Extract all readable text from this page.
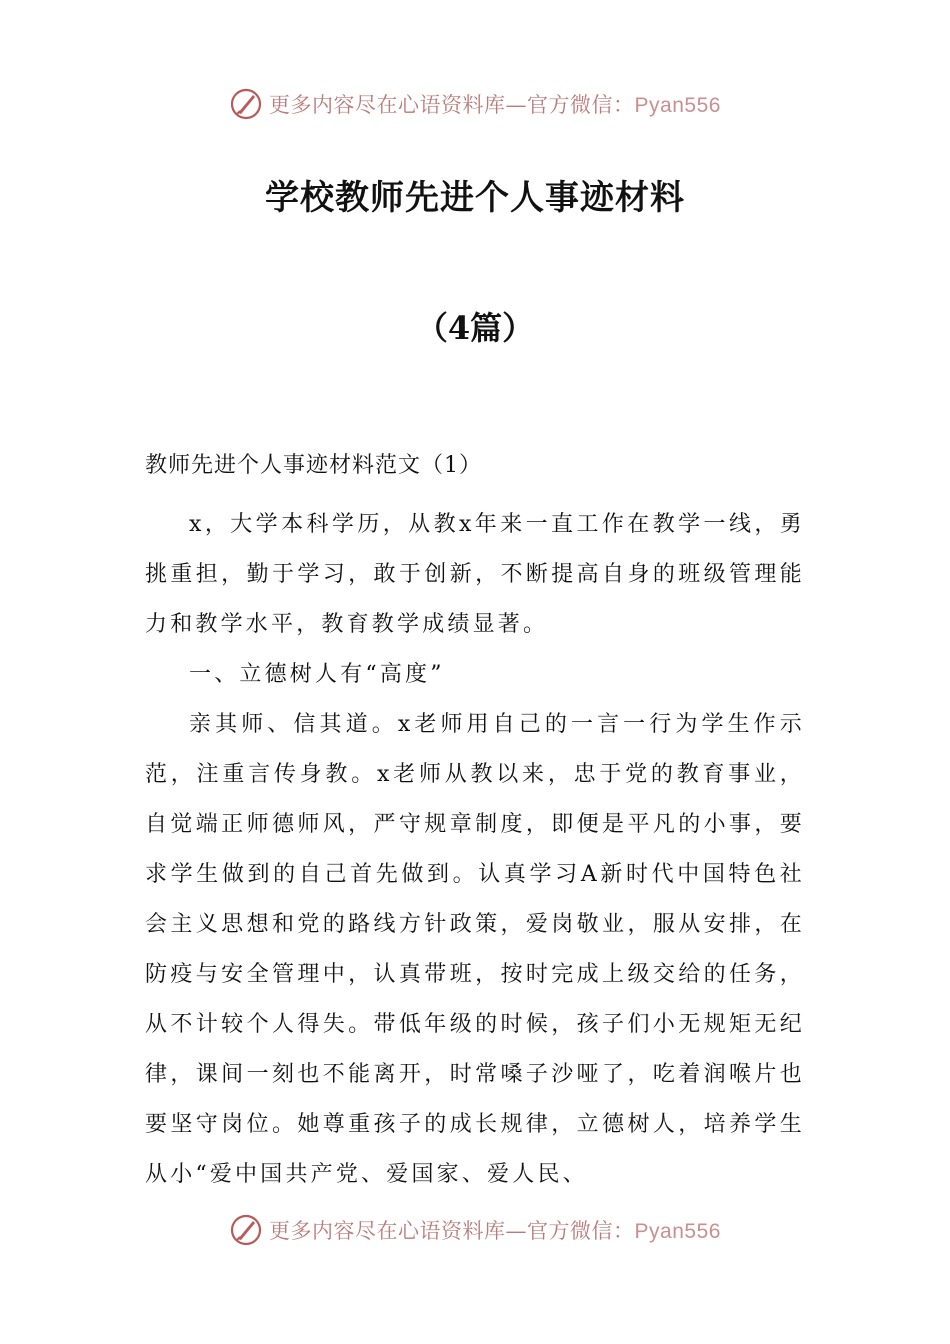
更多内容尽在心语资料库—官方微信：Pyan556
学校教师先进个人事迹材料
（4篇）
教师先进个人事迹材料范文（1）

x，大学本科学历，从教x年来一直工作在教学一线，勇挑重担，勤于学习，敢于创新，不断提高自身的班级管理能力和教学水平，教育教学成绩显著。

一、立德树人有“高度”

亲其师、信其道。x老师用自己的一言一行为学生作示范，注重言传身教。x老师从教以来，忠于党的教育事业，自觉端正师德师风，严守规章制度，即便是平凡的小事，要求学生做到的自己首先做到。认真学习A新时代中国特色社会主义思想和党的路线方针政策，爱岗敬业，服从安排，在防疫与安全管理中，认真带班，按时完成上级交给的任务，从不计较个人得失。带低年级的时候，孩子们小无规矩无纪律，课间一刻也不能离开，时常嗓子沙哑了，吃着润喉片也要坚守岗位。她尊重孩子的成长规律，立德树人，培养学生从小“爱中国共产党、爱国家、爱人民、

更多内容尽在心语资料库—官方微信：Pyan556
